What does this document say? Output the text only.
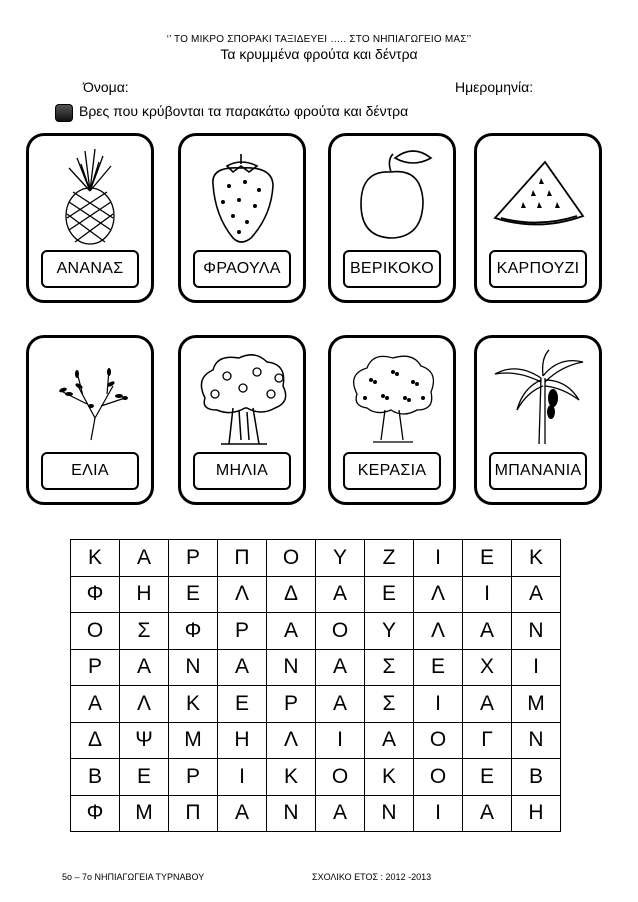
‘’ ΤΟ ΜΙΚΡΟ ΣΠΟΡΑΚΙ ΤΑΞΙΔΕΥΕΙ ….. ΣΤΟ ΝΗΠΙΑΓΩΓΕΙΟ ΜΑΣ’’
Τα κρυμμένα φρούτα και δέντρα
Όνομα:	Ημερομηνία:
Βρες που κρύβονται τα παρακάτω φρούτα και δέντρα
ΑΝΑΝΑΣ	ΦΡΑΟΥΛΑ	ΒΕΡΙΚΟΚΟ	ΚΑΡΠΟΥΖΙ
ΕΛΙΑ	ΜΗΛΙΑ	ΚΕΡΑΣΙΑ	ΜΠΑΝΑΝΙΑ
Κ	Α	Ρ	Π	Ο	Υ	Ζ	Ι	Ε	Κ
Φ	Η	Ε	Λ	Δ	Α	Ε	Λ	Ι	Α
Ο	Σ	Φ	Ρ	Α	Ο	Υ	Λ	Α	Ν
Ρ	Α	Ν	Α	Ν	Α	Σ	Ε	Χ	Ι
Α	Λ	Κ	Ε	Ρ	Α	Σ	Ι	Α	Μ
Δ	Ψ	Μ	Η	Λ	Ι	Α	Ο	Γ	Ν
Β	Ε	Ρ	Ι	Κ	Ο	Κ	Ο	Ε	Β
Φ	Μ	Π	Α	Ν	Α	Ν	Ι	Α	Η
5ο – 7ο ΝΗΠΙΑΓΩΓΕΙΑ ΤΥΡΝΑΒΟΥ	ΣΧΟΛΙΚΟ ΕΤΟΣ : 2012 -2013
